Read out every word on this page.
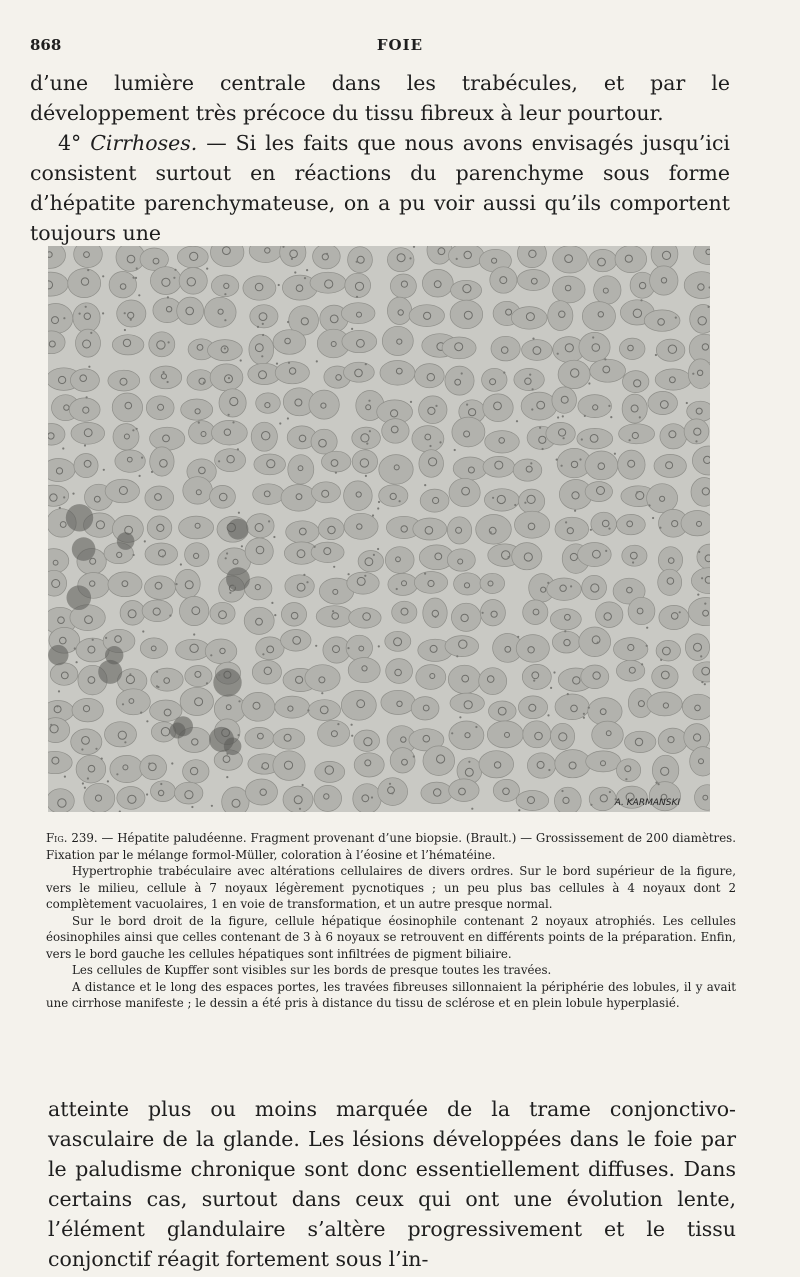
868	FOIE

d’une lumière centrale dans les trabécules, et par le développement très précoce du tissu fibreux à leur pourtour.

4° Cirrhoses. — Si les faits que nous avons envisagés jusqu’ici consistent surtout en réactions du parenchyme sous forme d’hépatite parenchymateuse, on a pu voir aussi qu’ils comportent toujours une

A. KARMANSKI

Fig. 239. — Hépatite paludéenne. Fragment provenant d’une biopsie. (Brault.) — Grossissement de 200 diamètres. Fixation par le mélange formol-Müller, coloration à l’éosine et l’hématéine.

Hypertrophie trabéculaire avec altérations cellulaires de divers ordres. Sur le bord supérieur de la figure, vers le milieu, cellule à 7 noyaux légèrement pycnotiques ; un peu plus bas cellules à 4 noyaux dont 2 complètement vacuolaires, 1 en voie de transformation, et un autre presque normal.

Sur le bord droit de la figure, cellule hépatique éosinophile contenant 2 noyaux atrophiés. Les cellules éosinophiles ainsi que celles contenant de 3 à 6 noyaux se retrouvent en différents points de la préparation. Enfin, vers le bord gauche les cellules hépatiques sont infiltrées de pigment biliaire.

Les cellules de Kupffer sont visibles sur les bords de presque toutes les travées.

A distance et le long des espaces portes, les travées fibreuses sillonnaient la périphérie des lobules, il y avait une cirrhose manifeste ; le dessin a été pris à distance du tissu de sclérose et en plein lobule hyperplasié.

atteinte plus ou moins marquée de la trame conjonctivo-vasculaire de la glande. Les lésions développées dans le foie par le paludisme chronique sont donc essentiellement diffuses. Dans certains cas, surtout dans ceux qui ont une évolution lente, l’élément glandulaire s’altère progressivement et le tissu conjonctif réagit fortement sous l’in-
